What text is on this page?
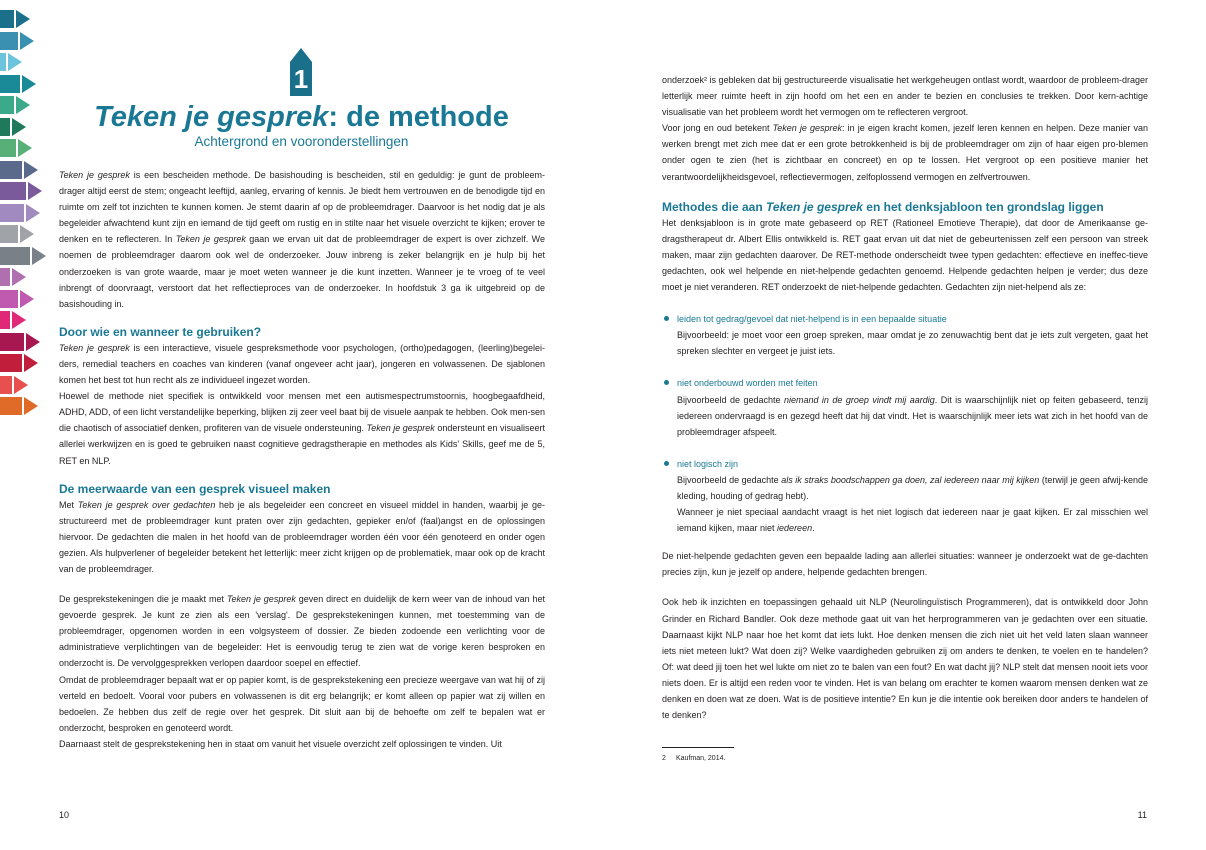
1
Teken je gesprek: de methode
Achtergrond en vooronderstellingen

Teken je gesprek is een bescheiden methode. De basishouding is bescheiden, stil en geduldig: je gunt de probleem-drager altijd eerst de stem; ongeacht leeftijd, aanleg, ervaring of kennis. Je biedt hem vertrouwen en de benodigde tijd en ruimte om zelf tot inzichten te kunnen komen. Je stemt daarin af op de probleemdrager. Daarvoor is het nodig dat je als begeleider afwachtend kunt zijn en iemand de tijd geeft om rustig en in stilte naar het visuele overzicht te kijken; erover te denken en te reflecteren. In Teken je gesprek gaan we ervan uit dat de probleemdrager de expert is over zichzelf. We noemen de probleemdrager daarom ook wel de onderzoeker. Jouw inbreng is zeker belangrijk en je hulp bij het onderzoeken is van grote waarde, maar je moet weten wanneer je die kunt inzetten. Wanneer je te vroeg of te veel inbrengt of doorvraagt, verstoort dat het reflectieproces van de onderzoeker. In hoofdstuk 3 ga ik uitgebreid op de basishouding in.

Door wie en wanneer te gebruiken?

Teken je gesprek is een interactieve, visuele gespreksmethode voor psychologen, (ortho)pedagogen, (leerling)begelei-ders, remedial teachers en coaches van kinderen (vanaf ongeveer acht jaar), jongeren en volwassenen. De sjablonen komen het best tot hun recht als ze individueel ingezet worden.

Hoewel de methode niet specifiek is ontwikkeld voor mensen met een autismespectrumstoornis, hoogbegaafdheid, ADHD, ADD, of een licht verstandelijke beperking, blijken zij zeer veel baat bij de visuele aanpak te hebben. Ook men-sen die chaotisch of associatief denken, profiteren van de visuele ondersteuning. Teken je gesprek ondersteunt en visualiseert allerlei werkwijzen en is goed te gebruiken naast cognitieve gedragstherapie en methodes als Kids' Skills, geef me de 5, RET en NLP.

De meerwaarde van een gesprek visueel maken

Met Teken je gesprek over gedachten heb je als begeleider een concreet en visueel middel in handen, waarbij je ge-structureerd met de probleemdrager kunt praten over zijn gedachten, gepieker en/of (faal)angst en de oplossingen hiervoor. De gedachten die malen in het hoofd van de probleemdrager worden één voor één genoteerd en onder ogen gezien. Als hulpverlener of begeleider betekent het letterlijk: meer zicht krijgen op de problematiek, maar ook op de kracht van de probleemdrager.

De gesprekstekeningen die je maakt met Teken je gesprek geven direct en duidelijk de kern weer van de inhoud van het gevoerde gesprek. Je kunt ze zien als een 'verslag'. De gesprekstekeningen kunnen, met toestemming van de probleemdrager, opgenomen worden in een volgsysteem of dossier. Ze bieden zodoende een verlichting voor de administratieve verplichtingen van de begeleider: Het is eenvoudig terug te zien wat de vorige keren besproken en onderzocht is. De vervolggesprekken verlopen daardoor soepel en effectief.

Omdat de probleemdrager bepaalt wat er op papier komt, is de gesprekstekening een precieze weergave van wat hij of zij verteld en bedoelt. Vooral voor pubers en volwassenen is dit erg belangrijk; er komt alleen op papier wat zij willen en bedoelen. Ze hebben dus zelf de regie over het gesprek. Dit sluit aan bij de behoefte om zelf te bepalen wat er onderzocht, besproken en genoteerd wordt.

Daarnaast stelt de gesprekstekening hen in staat om vanuit het visuele overzicht zelf oplossingen te vinden. Uit

10

onderzoek² is gebleken dat bij gestructureerde visualisatie het werkgeheugen ontlast wordt, waardoor de probleem-drager letterlijk meer ruimte heeft in zijn hoofd om het een en ander te bezien en conclusies te trekken. Door kern-achtige visualisatie van het probleem wordt het vermogen om te reflecteren vergroot.

Voor jong en oud betekent Teken je gesprek: in je eigen kracht komen, jezelf leren kennen en helpen. Deze manier van werken brengt met zich mee dat er een grote betrokkenheid is bij de probleemdrager om zijn of haar eigen pro-blemen onder ogen te zien (het is zichtbaar en concreet) en op te lossen. Het vergroot op een positieve manier het verantwoordelijkheidsgevoel, reflectievermogen, zelfoplossend vermogen en zelfvertrouwen.

Methodes die aan Teken je gesprek en het denksjabloon ten grondslag liggen

Het denksjabloon is in grote mate gebaseerd op RET (Rationeel Emotieve Therapie), dat door de Amerikaanse ge-dragstherapeut dr. Albert Ellis ontwikkeld is. RET gaat ervan uit dat niet de gebeurtenissen zelf een persoon van streek maken, maar zijn gedachten daarover. De RET-methode onderscheidt twee typen gedachten: effectieve en ineffec-tieve gedachten, ook wel helpende en niet-helpende gedachten genoemd. Helpende gedachten helpen je verder; dus deze moet je niet veranderen. RET onderzoekt de niet-helpende gedachten. Gedachten zijn niet-helpend als ze:

leiden tot gedrag/gevoel dat niet-helpend is in een bepaalde situatie

Bijvoorbeeld: je moet voor een groep spreken, maar omdat je zo zenuwachtig bent dat je iets zult vergeten, gaat het spreken slechter en vergeet je juist iets.

niet onderbouwd worden met feiten

Bijvoorbeeld de gedachte niemand in de groep vindt mij aardig. Dit is waarschijnlijk niet op feiten gebaseerd, tenzij iedereen ondervraagd is en gezegd heeft dat hij dat vindt. Het is waarschijnlijk meer iets wat zich in het hoofd van de probleemdrager afspeelt.

niet logisch zijn

Bijvoorbeeld de gedachte als ik straks boodschappen ga doen, zal iedereen naar mij kijken (terwijl je geen afwij-kende kleding, houding of gedrag hebt).

Wanneer je niet speciaal aandacht vraagt is het niet logisch dat iedereen naar je gaat kijken. Er zal misschien wel iemand kijken, maar niet iedereen.

De niet-helpende gedachten geven een bepaalde lading aan allerlei situaties: wanneer je onderzoekt wat de ge-dachten precies zijn, kun je jezelf op andere, helpende gedachten brengen.

Ook heb ik inzichten en toepassingen gehaald uit NLP (Neurolinguïstisch Programmeren), dat is ontwikkeld door John Grinder en Richard Bandler. Ook deze methode gaat uit van het herprogrammeren van je gedachten over een situatie. Daarnaast kijkt NLP naar hoe het komt dat iets lukt. Hoe denken mensen die zich niet uit het veld laten slaan wanneer iets niet meteen lukt? Wat doen zij? Welke vaardigheden gebruiken zij om anders te denken, te voelen en te handelen? Of: wat deed jij toen het wel lukte om niet zo te balen van een fout? En wat dacht jij? NLP stelt dat mensen nooit iets voor niets doen. Er is altijd een reden voor te vinden. Het is van belang om erachter te komen waarom mensen denken wat ze denken en doen wat ze doen. Wat is de positieve intentie? En kun je die intentie ook bereiken door anders te handelen of te denken?

2 Kaufman, 2014.
11
